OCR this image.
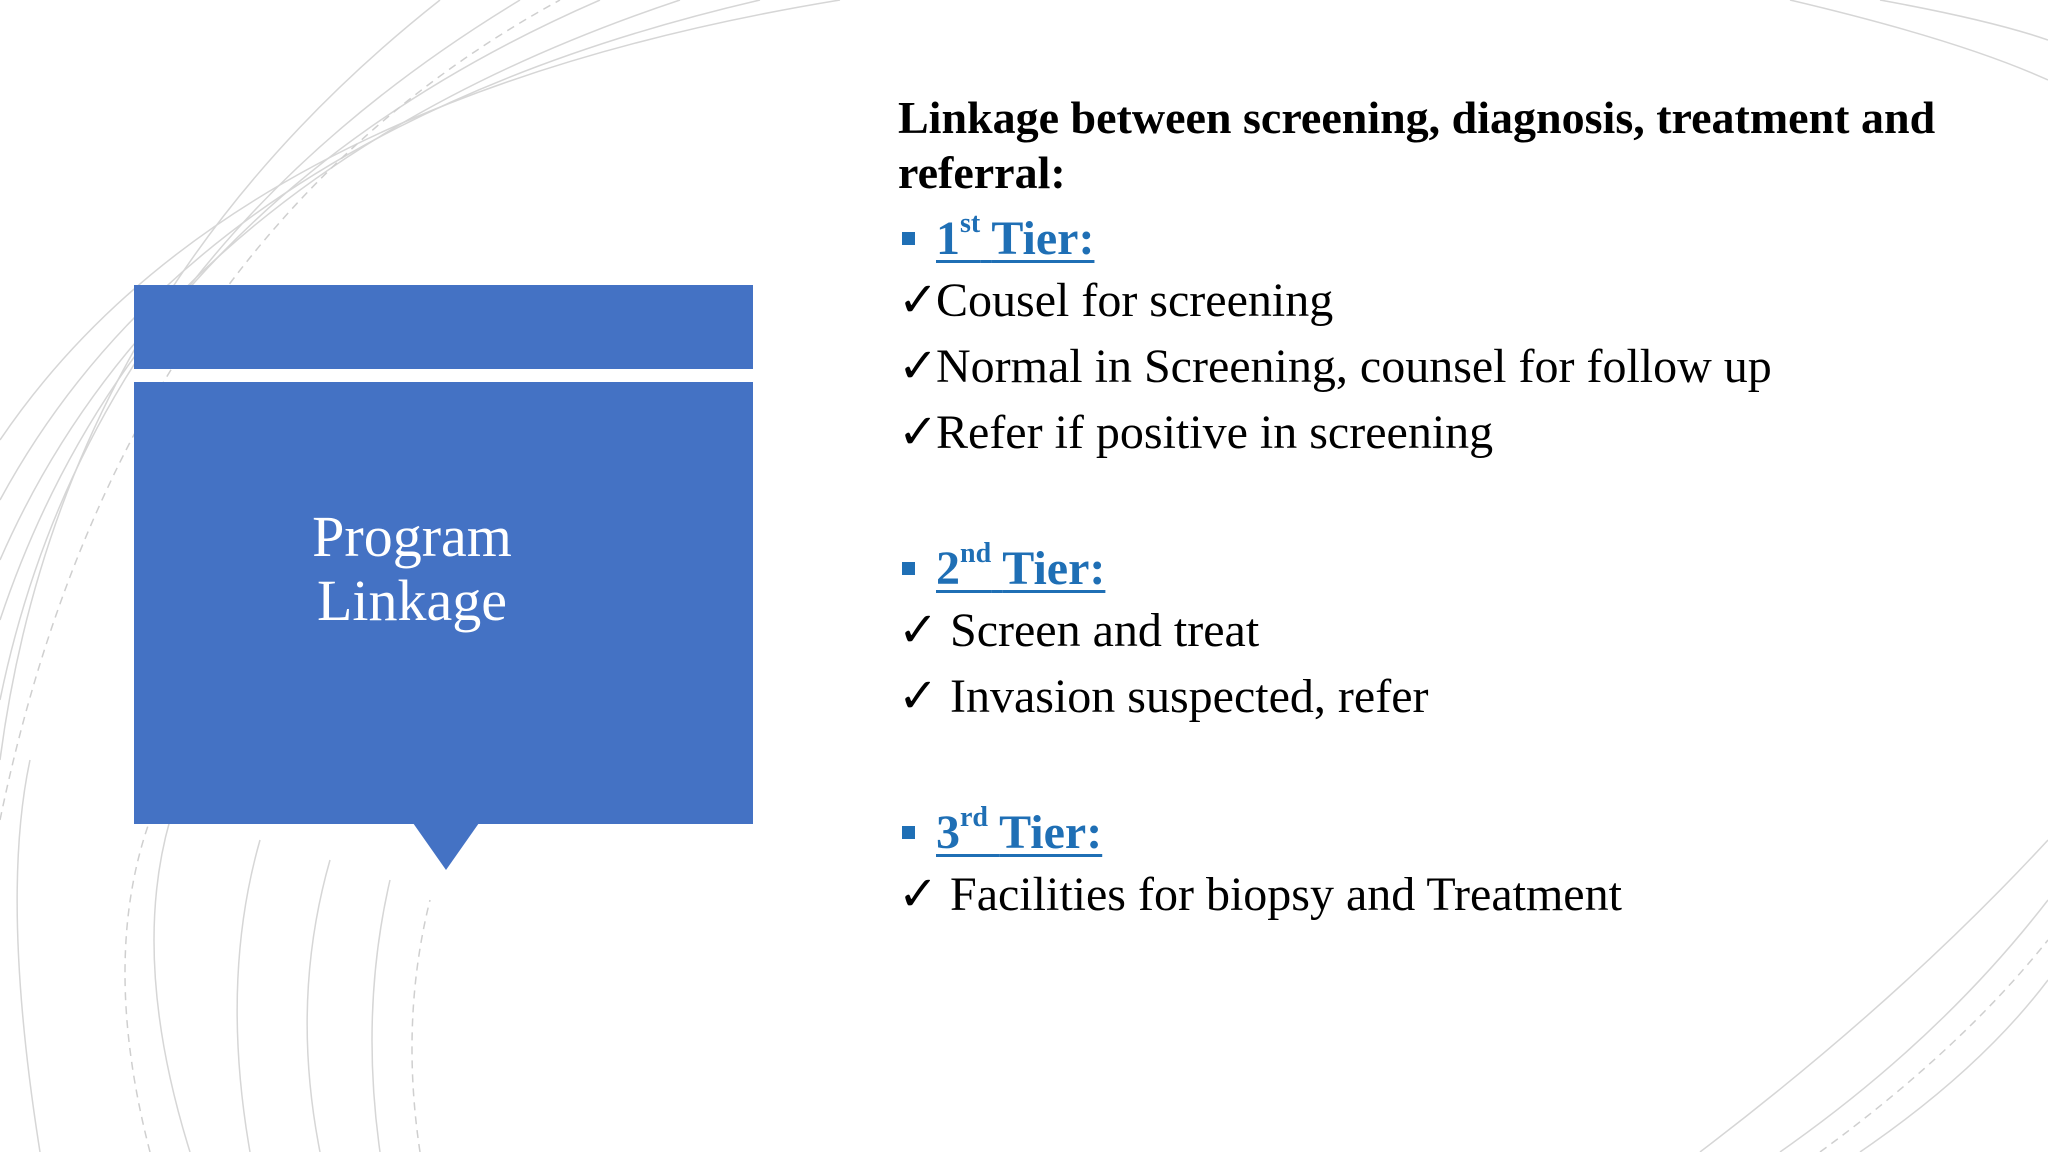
Program
Linkage

Linkage between screening, diagnosis, treatment and referral:

1st Tier:
✓Cousel for screening
✓Normal in Screening, counsel for follow up
✓Refer if positive in screening
2nd Tier:
✓ Screen and treat
✓ Invasion suspected, refer
3rd Tier:
✓ Facilities for biopsy and Treatment
